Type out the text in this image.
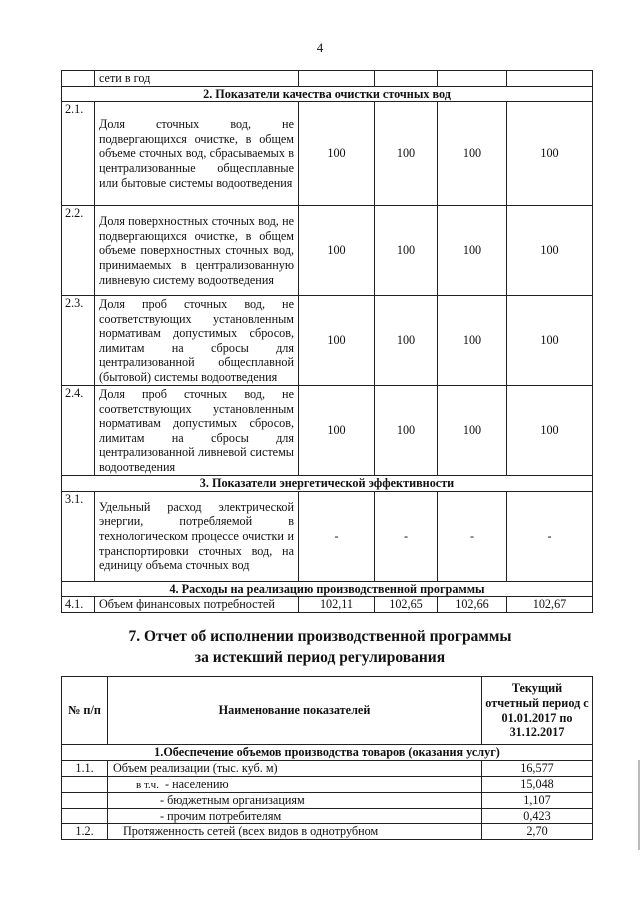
4
	сети в год				
2. Показатели качества очистки сточных вод					
2.1.	Доля сточных вод, не подвергающихся очистке, в общем объеме сточных вод, сбрасываемых в централизованные общесплавные или бытовые системы водоотведения	100	100	100	100
2.2.	Доля поверхностных сточных вод, не подвергающихся очистке, в общем объеме поверхностных сточных вод, принимаемых в централизованную ливневую систему водоотведения	100	100	100	100
2.3.	Доля проб сточных вод, не соответствующих установленным нормативам допустимых сбросов, лимитам на сбросы для централизованной общесплавной (бытовой) системы водоотведения	100	100	100	100
2.4.	Доля проб сточных вод, не соответствующих установленным нормативам допустимых сбросов, лимитам на сбросы для централизованной ливневой системы водоотведения	100	100	100	100
3. Показатели энергетической эффективности					
3.1.	Удельный расход электрической энергии, потребляемой в технологическом процессе очистки и транспортировки сточных вод, на единицу объема сточных вод	-	-	-	-
4. Расходы на реализацию производственной программы					
4.1.	Объем финансовых потребностей	102,11	102,65	102,66	102,67
7. Отчет об исполнении производственной программы
за истекший период регулирования
№ п/п	Наименование показателей	Текущий отчетный период с 01.01.2017 по 31.12.2017
1.Обеспечение объемов производства товаров (оказания услуг)		
1.1.	Объем реализации (тыс. куб. м)	16,577
	в т.ч. - населению	15,048
	- бюджетным организациям	1,107
	- прочим потребителям	0,423
1.2.	Протяженность сетей (всех видов в однотрубном	2,70
